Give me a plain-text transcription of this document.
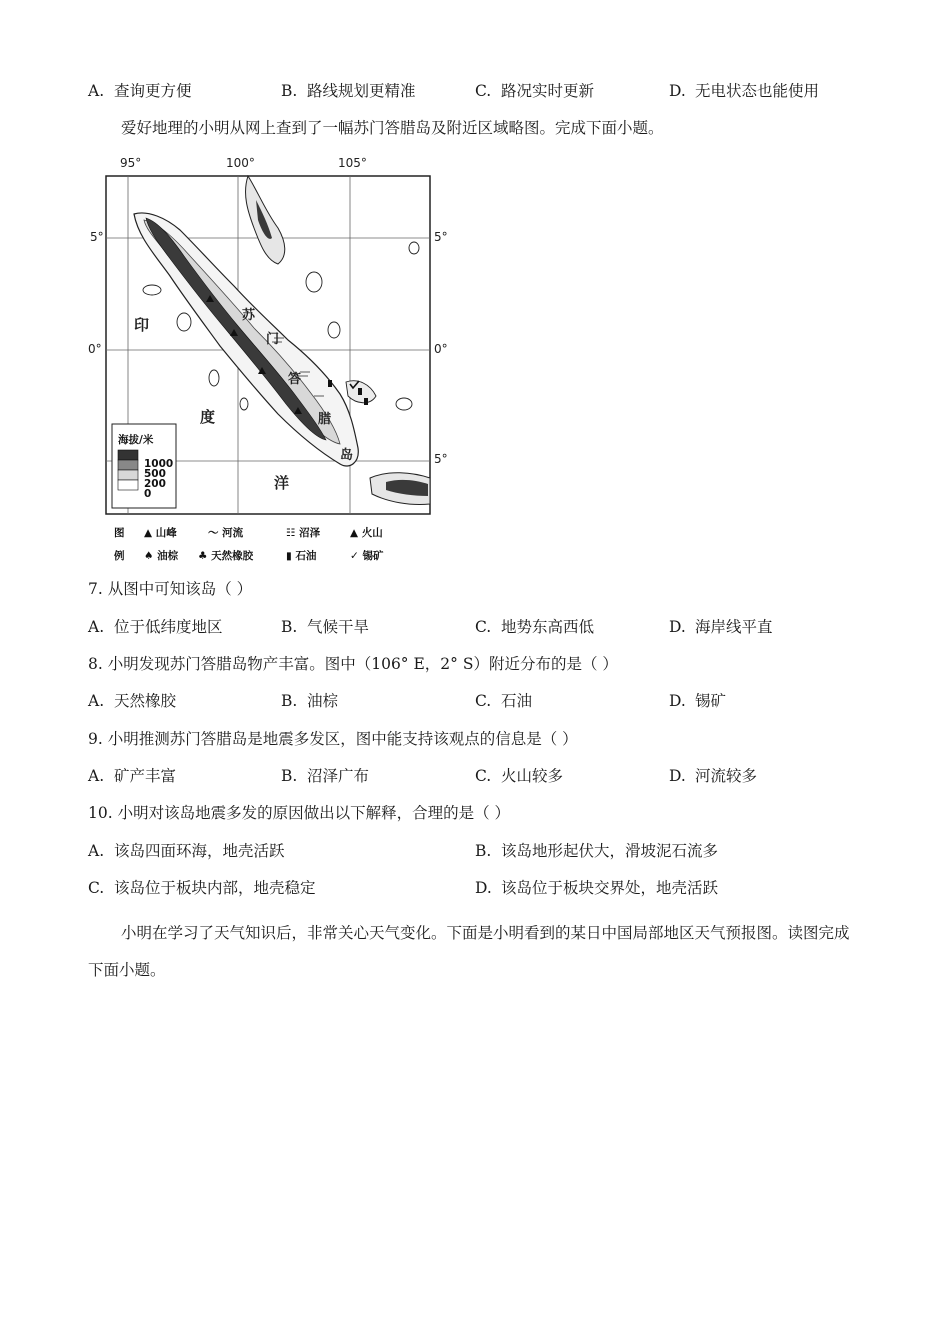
A. 查询更方便	B. 路线规划更精准	C. 路况实时更新	D. 无电状态也能使用
爱好地理的小明从网上查到了一幅苏门答腊岛及附近区域略图。完成下面小题。
95°	100°	105°
5°
0°
5°
0°
5°
印
度
洋
苏
门
答
腊
岛
海拔/米
1000
500
200
0
图 ▲ 山峰	〜 河流	☷ 沼泽	▲ 火山
例 ♠ 油棕 ♣ 天然橡胶	▮ 石油	✓ 锡矿
7. 从图中可知该岛（ ）
A. 位于低纬度地区	B. 气候干旱	C. 地势东高西低	D. 海岸线平直
8. 小明发现苏门答腊岛物产丰富。图中（106° E，2° S）附近分布的是（ ）
A. 天然橡胶	B. 油棕	C. 石油	D. 锡矿
9. 小明推测苏门答腊岛是地震多发区，图中能支持该观点的信息是（ ）
A. 矿产丰富	B. 沼泽广布	C. 火山较多	D. 河流较多
10. 小明对该岛地震多发的原因做出以下解释，合理的是（ ）
A. 该岛四面环海，地壳活跃	B. 该岛地形起伏大，滑坡泥石流多
C. 该岛位于板块内部，地壳稳定	D. 该岛位于板块交界处，地壳活跃
小明在学习了天气知识后，非常关心天气变化。下面是小明看到的某日中国局部地区天气预报图。读图完成下面小题。
